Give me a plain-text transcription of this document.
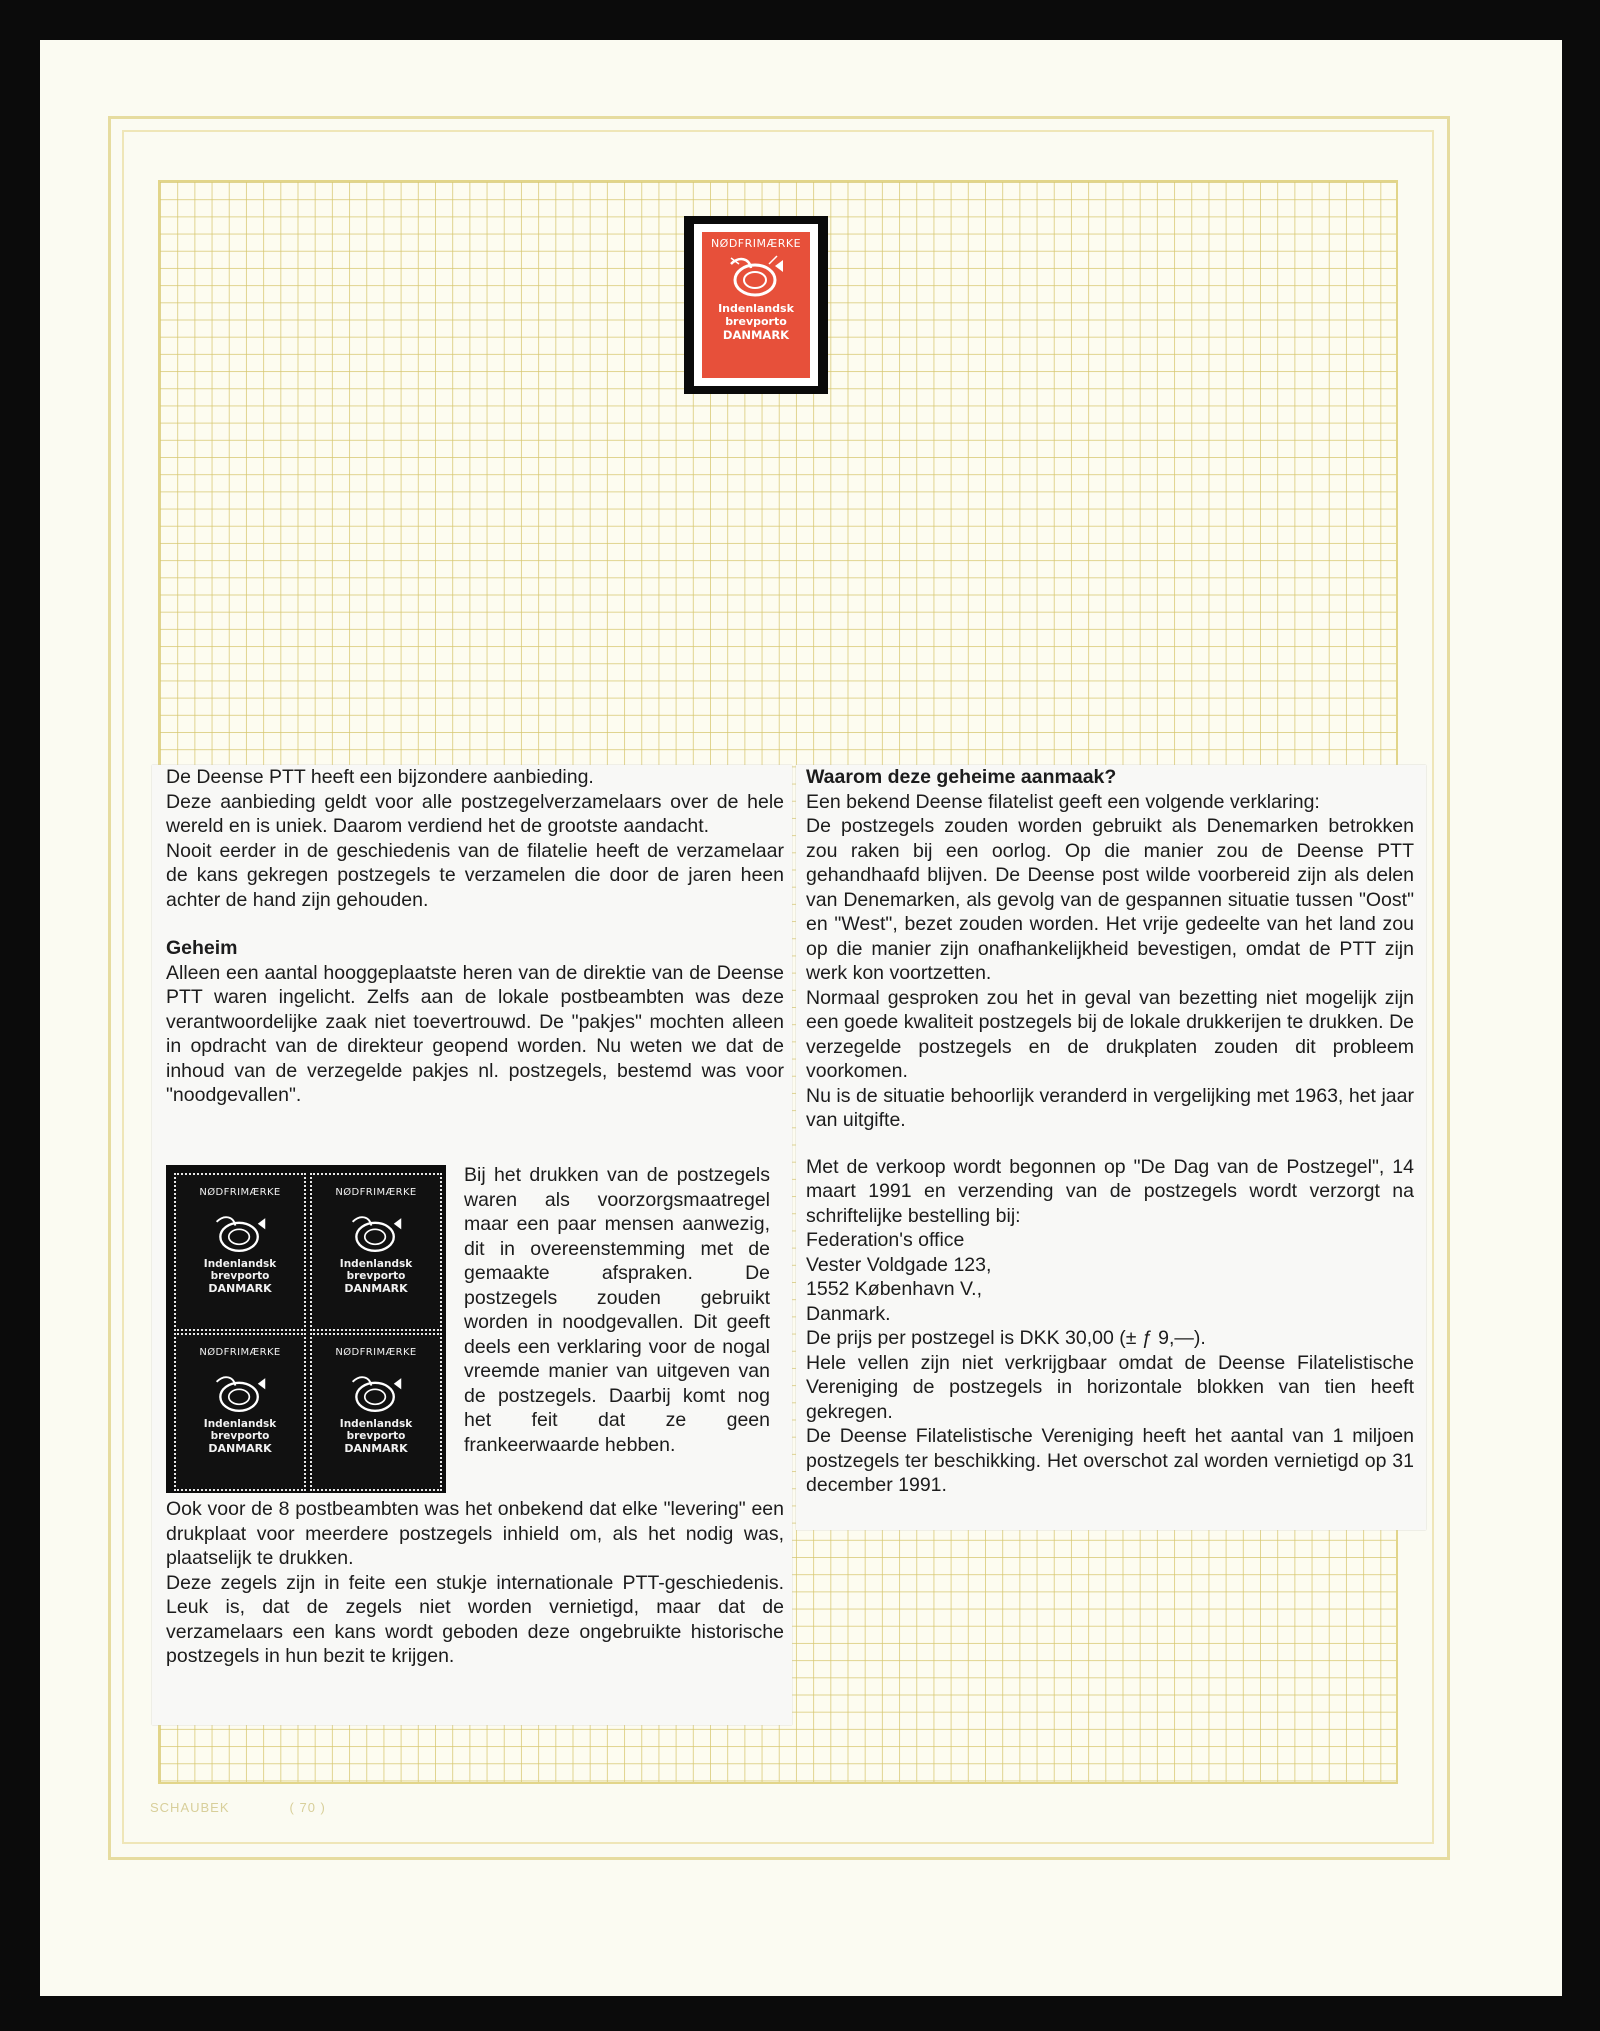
NØDFRIMÆRKE
Indenlandsk
brevporto
DANMARK

De Deense PTT heeft een bijzondere aanbieding.

Deze aanbieding geldt voor alle postzegelverzamelaars over de hele wereld en is uniek. Daarom verdiend het de grootste aandacht.

Nooit eerder in de geschiedenis van de filatelie heeft de verzamelaar de kans gekregen postzegels te verzamelen die door de jaren heen achter de hand zijn gehouden.

Geheim

Alleen een aantal hooggeplaatste heren van de direktie van de Deense PTT waren ingelicht. Zelfs aan de lokale postbeambten was deze verantwoordelijke zaak niet toevertrouwd. De "pakjes" mochten alleen in opdracht van de direkteur geopend worden. Nu weten we dat de inhoud van de verzegelde pakjes nl. postzegels, bestemd was voor "noodgevallen".

NØDFRIMÆRKE
Indenlandsk
brevporto
DANMARK
NØDFRIMÆRKE
Indenlandsk
brevporto
DANMARK
NØDFRIMÆRKE
Indenlandsk
brevporto
DANMARK
NØDFRIMÆRKE
Indenlandsk
brevporto
DANMARK

Bij het drukken van de postzegels waren als voorzorgsmaatregel maar een paar mensen aanwezig, dit in overeenstemming met de gemaakte afspraken. De postzegels zouden gebruikt worden in noodgevallen. Dit geeft deels een verklaring voor de nogal vreemde manier van uitgeven van de postzegels. Daarbij komt nog het feit dat ze geen frankeerwaarde hebben.

Ook voor de 8 postbeambten was het onbekend dat elke "levering" een drukplaat voor meerdere postzegels inhield om, als het nodig was, plaatselijk te drukken.

Deze zegels zijn in feite een stukje internationale PTT-geschiedenis. Leuk is, dat de zegels niet worden vernietigd, maar dat de verzamelaars een kans wordt geboden deze ongebruikte historische postzegels in hun bezit te krijgen.

Waarom deze geheime aanmaak?

Een bekend Deense filatelist geeft een volgende verklaring:

De postzegels zouden worden gebruikt als Denemarken betrokken zou raken bij een oorlog. Op die manier zou de Deense PTT gehandhaafd blijven. De Deense post wilde voorbereid zijn als delen van Denemarken, als gevolg van de gespannen situatie tussen "Oost" en "West", bezet zouden worden. Het vrije gedeelte van het land zou op die manier zijn onafhankelijkheid bevestigen, omdat de PTT zijn werk kon voortzetten.

Normaal gesproken zou het in geval van bezetting niet mogelijk zijn een goede kwaliteit postzegels bij de lokale drukkerijen te drukken. De verzegelde postzegels en de drukplaten zouden dit probleem voorkomen.

Nu is de situatie behoorlijk veranderd in vergelijking met 1963, het jaar van uitgifte.

Met de verkoop wordt begonnen op "De Dag van de Postzegel", 14 maart 1991 en verzending van de postzegels wordt verzorgt na schriftelijke bestelling bij:

Federation's office

Vester Voldgade 123,

1552 København V.,

Danmark.

De prijs per postzegel is DKK 30,00 (± ƒ 9,—).

Hele vellen zijn niet verkrijgbaar omdat de Deense Filatelistische Vereniging de postzegels in horizontale blokken van tien heeft gekregen.

De Deense Filatelistische Vereniging heeft het aantal van 1 miljoen postzegels ter beschikking. Het overschot zal worden vernietigd op 31 december 1991.

SCHAUBEK	( 70 )
